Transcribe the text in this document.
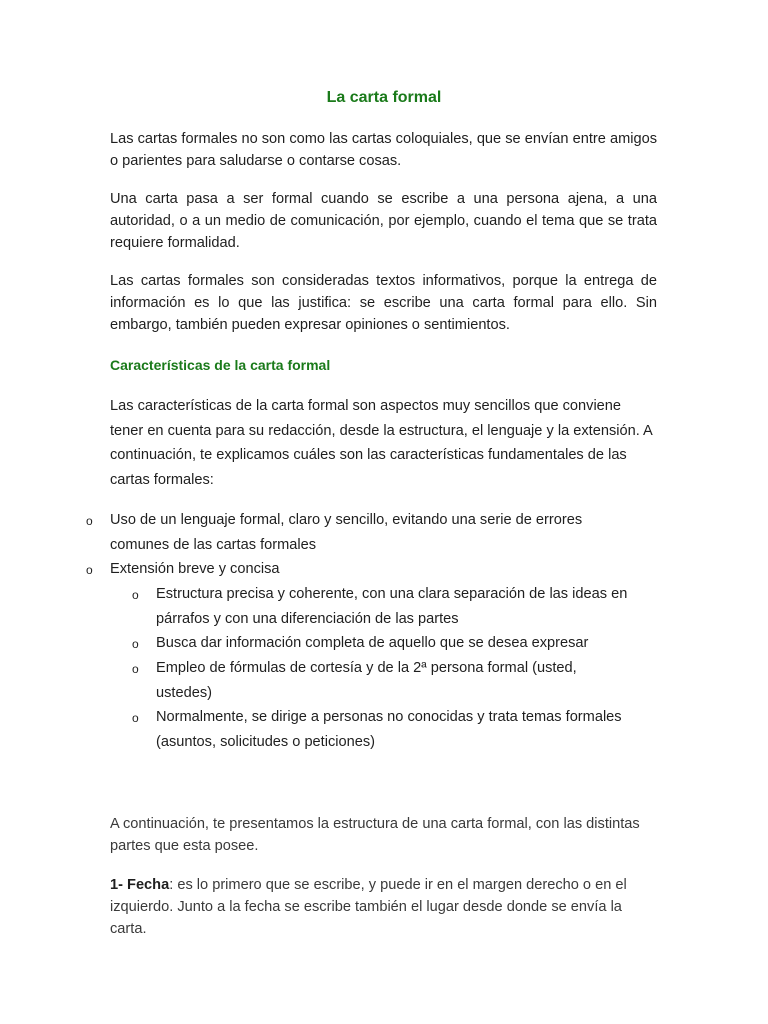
La carta formal

Las cartas formales no son como las cartas coloquiales, que se envían entre amigos o parientes para saludarse o contarse cosas.

Una carta pasa a ser formal cuando se escribe a una persona ajena, a una autoridad, o a un medio de comunicación, por ejemplo, cuando el tema que se trata requiere formalidad.

Las cartas formales son consideradas textos informativos, porque la entrega de información es lo que las justifica: se escribe una carta formal para ello. Sin embargo, también pueden expresar opiniones o sentimientos.

Características de la carta formal

Las características de la carta formal son aspectos muy sencillos que conviene tener en cuenta para su redacción, desde la estructura, el lenguaje y la extensión. A continuación, te explicamos cuáles son las características fundamentales de las cartas formales:

o Uso de un lenguaje formal, claro y sencillo, evitando una serie de errores comunes de las cartas formales

o Extensión breve y concisa

o Estructura precisa y coherente, con una clara separación de las ideas en párrafos y con una diferenciación de las partes

o Busca dar información completa de aquello que se desea expresar

o Empleo de fórmulas de cortesía y de la 2ª persona formal (usted, ustedes)

o Normalmente, se dirige a personas no conocidas y trata temas formales (asuntos, solicitudes o peticiones)

A continuación, te presentamos la estructura de una carta formal, con las distintas partes que esta posee.

1- Fecha: es lo primero que se escribe, y puede ir en el margen derecho o en el izquierdo. Junto a la fecha se escribe también el lugar desde donde se envía la carta.
